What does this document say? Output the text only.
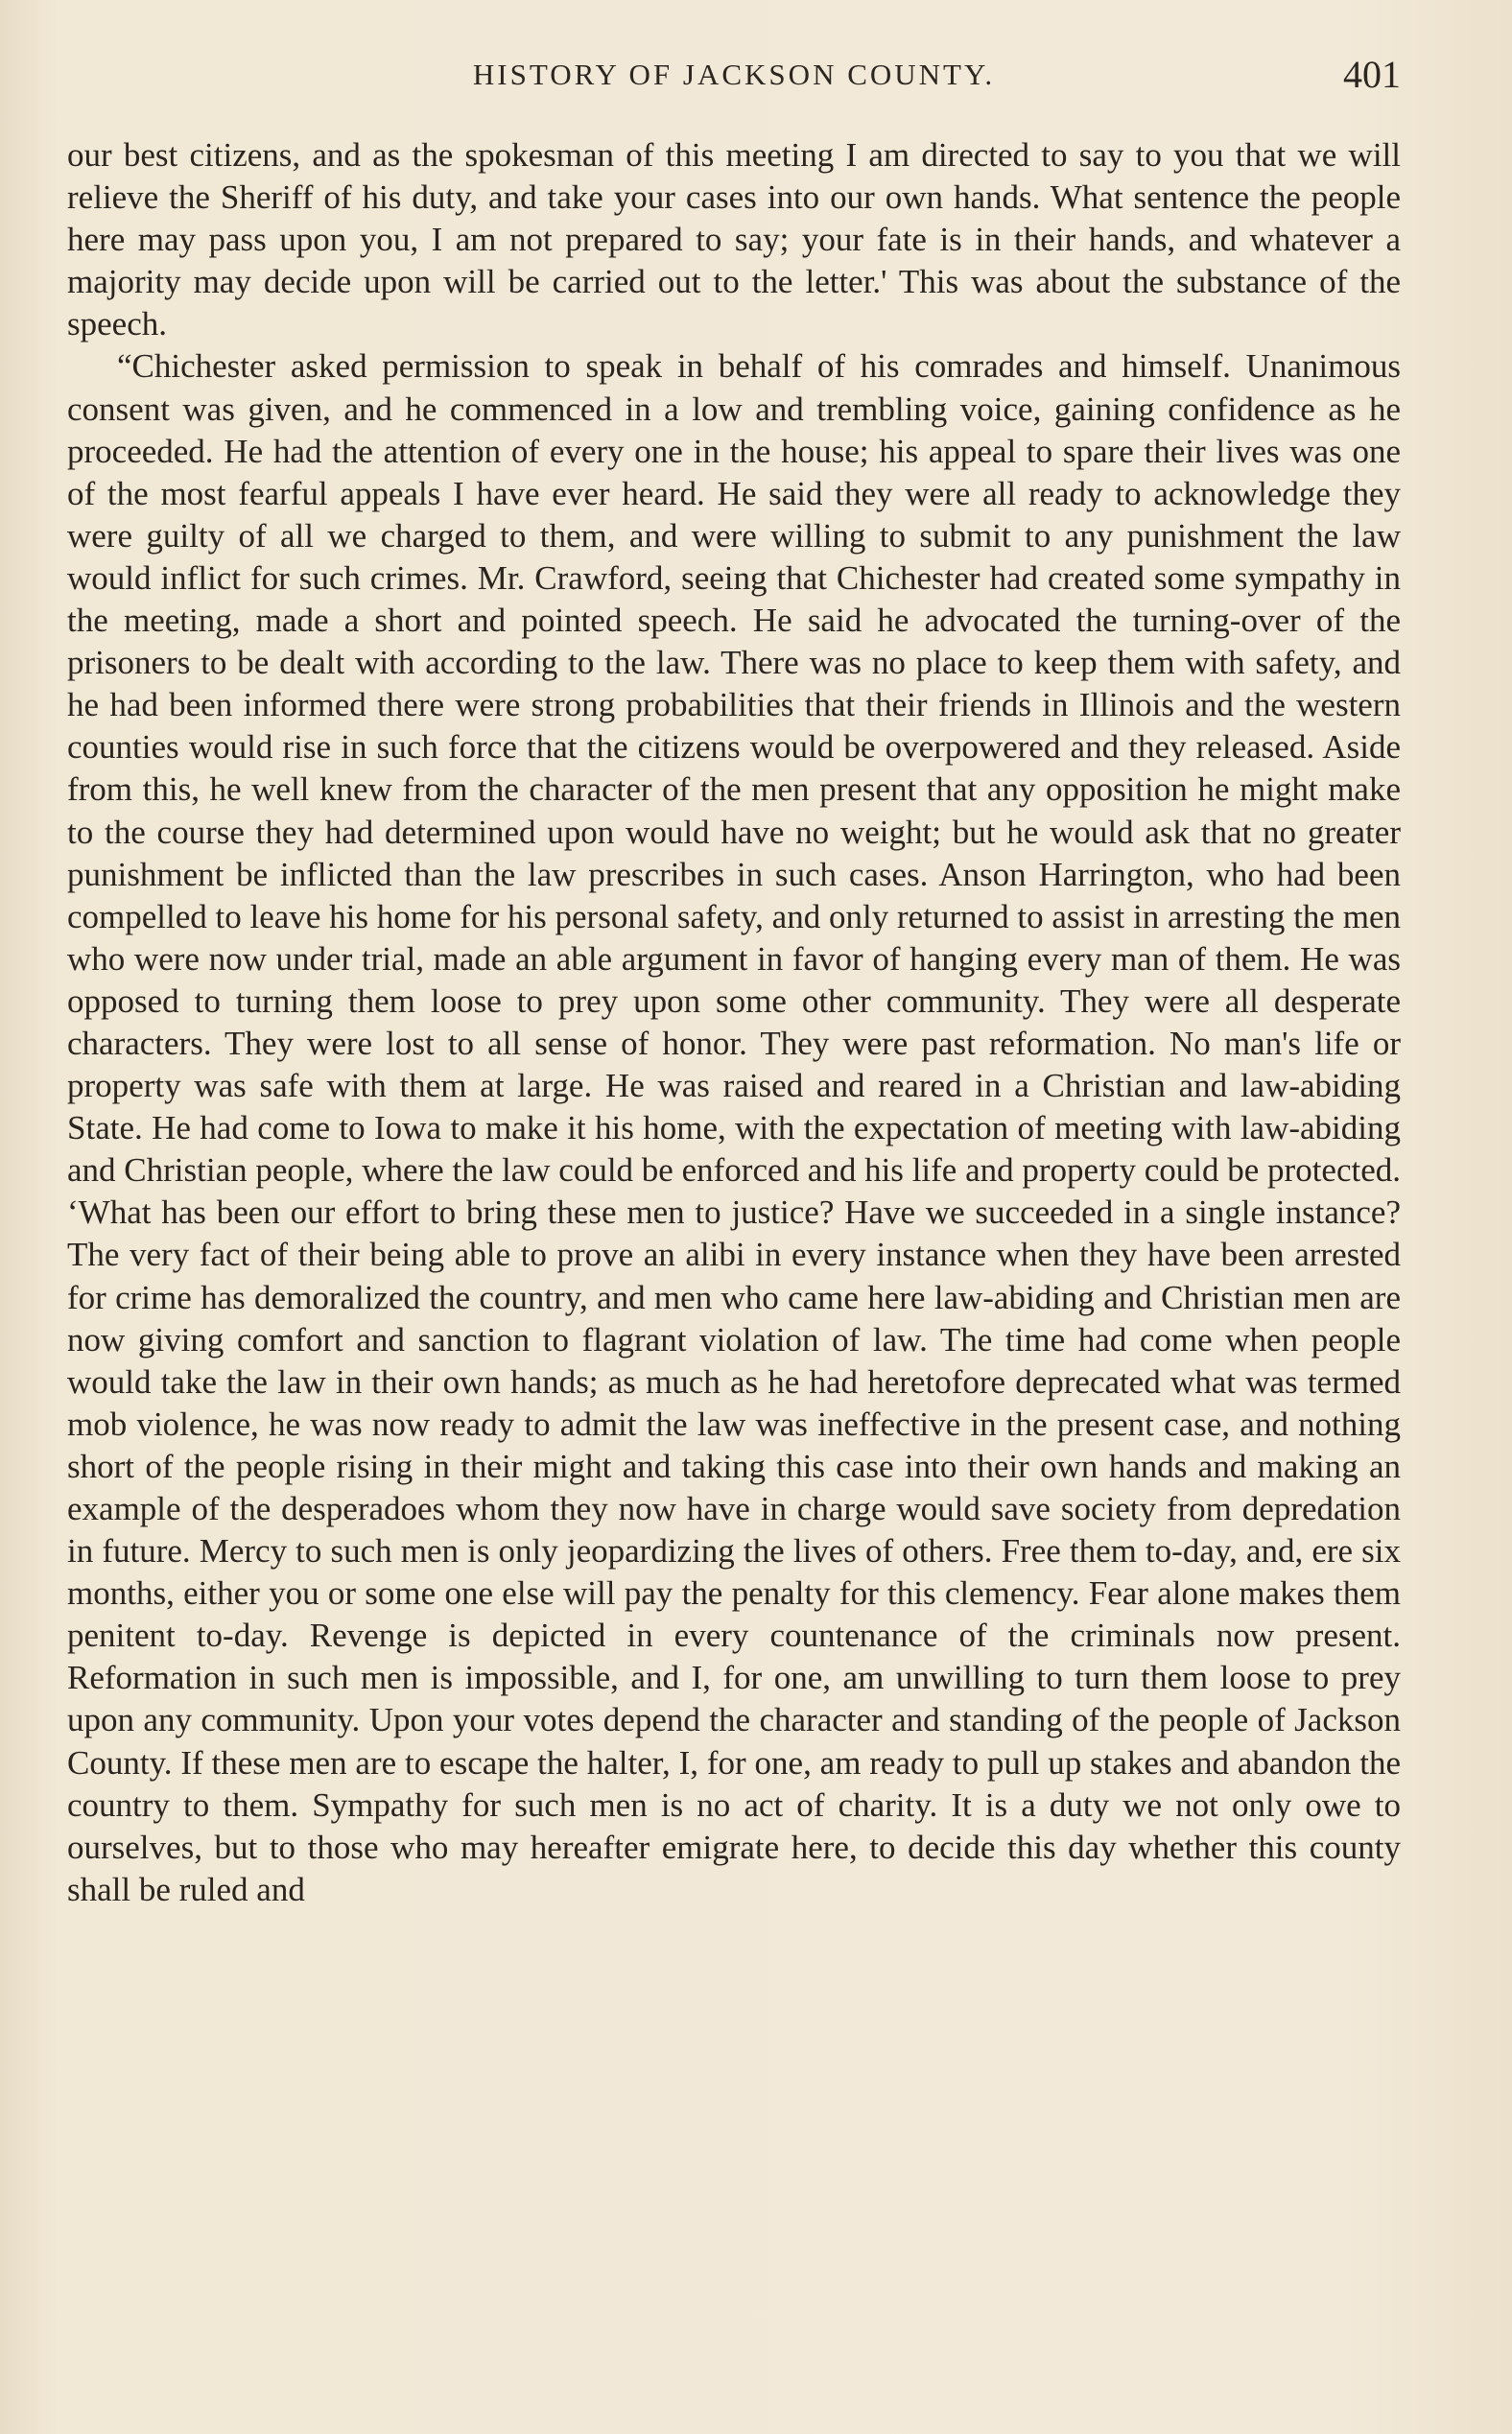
HISTORY OF JACKSON COUNTY.	401

our best citizens, and as the spokesman of this meeting I am directed to say to you that we will relieve the Sheriff of his duty, and take your cases into our own hands. What sentence the people here may pass upon you, I am not prepared to say; your fate is in their hands, and whatever a majority may decide upon will be carried out to the letter.' This was about the substance of the speech.

“Chichester asked permission to speak in behalf of his comrades and himself. Unanimous consent was given, and he commenced in a low and trembling voice, gaining confidence as he proceeded. He had the attention of every one in the house; his appeal to spare their lives was one of the most fearful appeals I have ever heard. He said they were all ready to acknowledge they were guilty of all we charged to them, and were willing to submit to any punishment the law would inflict for such crimes. Mr. Crawford, seeing that Chichester had created some sympathy in the meeting, made a short and pointed speech. He said he advocated the turning-over of the prisoners to be dealt with according to the law. There was no place to keep them with safety, and he had been informed there were strong probabilities that their friends in Illinois and the western counties would rise in such force that the citizens would be overpowered and they released. Aside from this, he well knew from the character of the men present that any opposition he might make to the course they had determined upon would have no weight; but he would ask that no greater punishment be inflicted than the law prescribes in such cases. Anson Harrington, who had been compelled to leave his home for his personal safety, and only returned to assist in arresting the men who were now under trial, made an able argument in favor of hanging every man of them. He was opposed to turning them loose to prey upon some other community. They were all desperate characters. They were lost to all sense of honor. They were past reformation. No man's life or property was safe with them at large. He was raised and reared in a Christian and law-abiding State. He had come to Iowa to make it his home, with the expectation of meeting with law-abiding and Christian people, where the law could be enforced and his life and property could be protected. ‘What has been our effort to bring these men to justice? Have we succeeded in a single instance? The very fact of their being able to prove an alibi in every instance when they have been arrested for crime has demoralized the country, and men who came here law-abiding and Christian men are now giving comfort and sanction to flagrant violation of law. The time had come when people would take the law in their own hands; as much as he had heretofore deprecated what was termed mob violence, he was now ready to admit the law was ineffective in the present case, and nothing short of the people rising in their might and taking this case into their own hands and making an example of the desperadoes whom they now have in charge would save society from depredation in future. Mercy to such men is only jeopardizing the lives of others. Free them to-day, and, ere six months, either you or some one else will pay the penalty for this clemency. Fear alone makes them penitent to-day. Revenge is depicted in every countenance of the criminals now present. Reformation in such men is impossible, and I, for one, am unwilling to turn them loose to prey upon any community. Upon your votes depend the character and standing of the people of Jackson County. If these men are to escape the halter, I, for one, am ready to pull up stakes and abandon the country to them. Sympathy for such men is no act of charity. It is a duty we not only owe to ourselves, but to those who may hereafter emigrate here, to decide this day whether this county shall be ruled and
